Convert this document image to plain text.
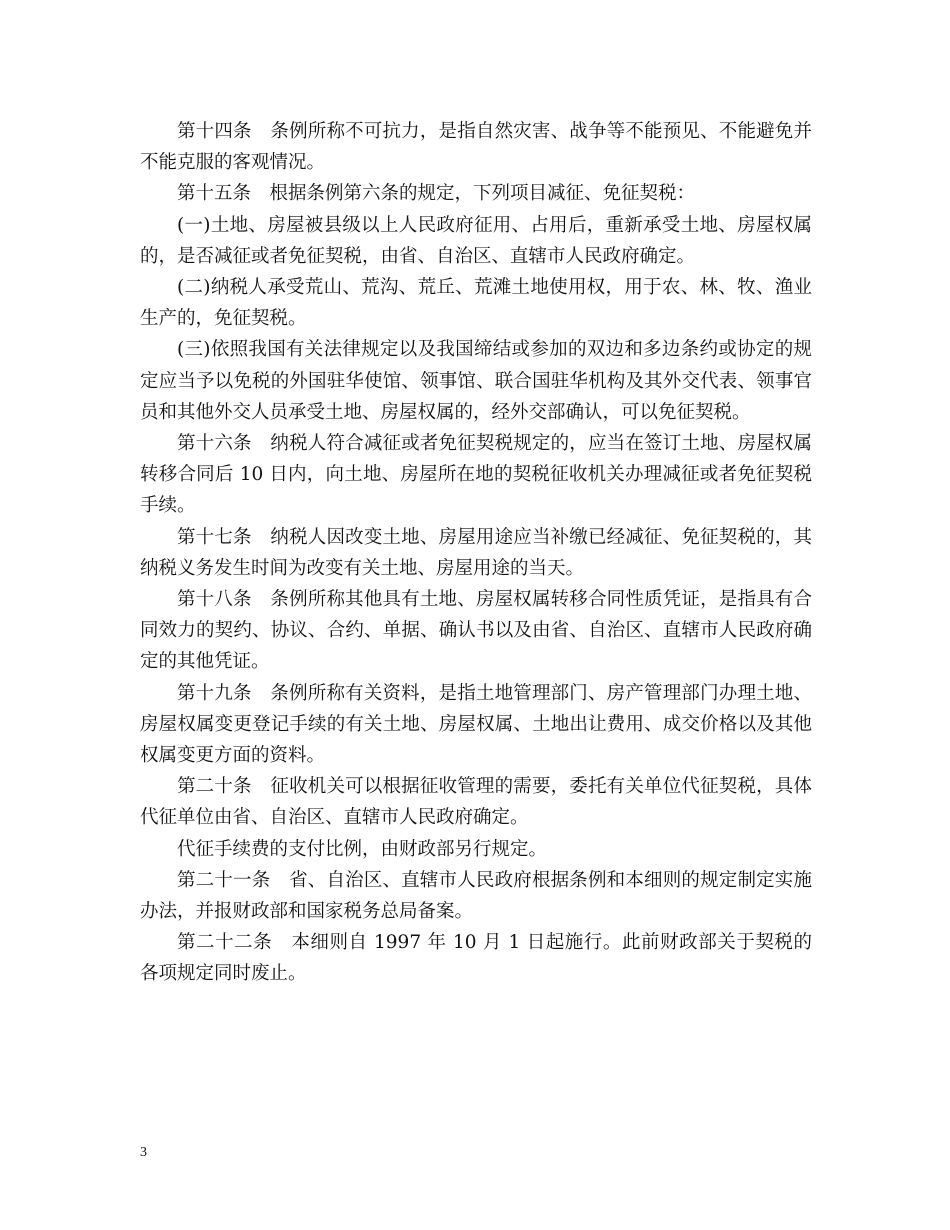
第十四条　条例所称不可抗力，是指自然灾害、战争等不能预见、不能避免并不能克服的客观情况。

第十五条　根据条例第六条的规定，下列项目减征、免征契税：

(一)土地、房屋被县级以上人民政府征用、占用后，重新承受土地、房屋权属的，是否减征或者免征契税，由省、自治区、直辖市人民政府确定。

(二)纳税人承受荒山、荒沟、荒丘、荒滩土地使用权，用于农、林、牧、渔业生产的，免征契税。

(三)依照我国有关法律规定以及我国缔结或参加的双边和多边条约或协定的规定应当予以免税的外国驻华使馆、领事馆、联合国驻华机构及其外交代表、领事官员和其他外交人员承受土地、房屋权属的，经外交部确认，可以免征契税。

第十六条　纳税人符合减征或者免征契税规定的，应当在签订土地、房屋权属转移合同后 10 日内，向土地、房屋所在地的契税征收机关办理减征或者免征契税手续。

第十七条　纳税人因改变土地、房屋用途应当补缴已经减征、免征契税的，其纳税义务发生时间为改变有关土地、房屋用途的当天。

第十八条　条例所称其他具有土地、房屋权属转移合同性质凭证，是指具有合同效力的契约、协议、合约、单据、确认书以及由省、自治区、直辖市人民政府确定的其他凭证。

第十九条　条例所称有关资料，是指土地管理部门、房产管理部门办理土地、房屋权属变更登记手续的有关土地、房屋权属、土地出让费用、成交价格以及其他权属变更方面的资料。

第二十条　征收机关可以根据征收管理的需要，委托有关单位代征契税，具体代征单位由省、自治区、直辖市人民政府确定。

代征手续费的支付比例，由财政部另行规定。

第二十一条　省、自治区、直辖市人民政府根据条例和本细则的规定制定实施办法，并报财政部和国家税务总局备案。

第二十二条　本细则自 1997 年 10 月 1 日起施行。此前财政部关于契税的各项规定同时废止。

3
